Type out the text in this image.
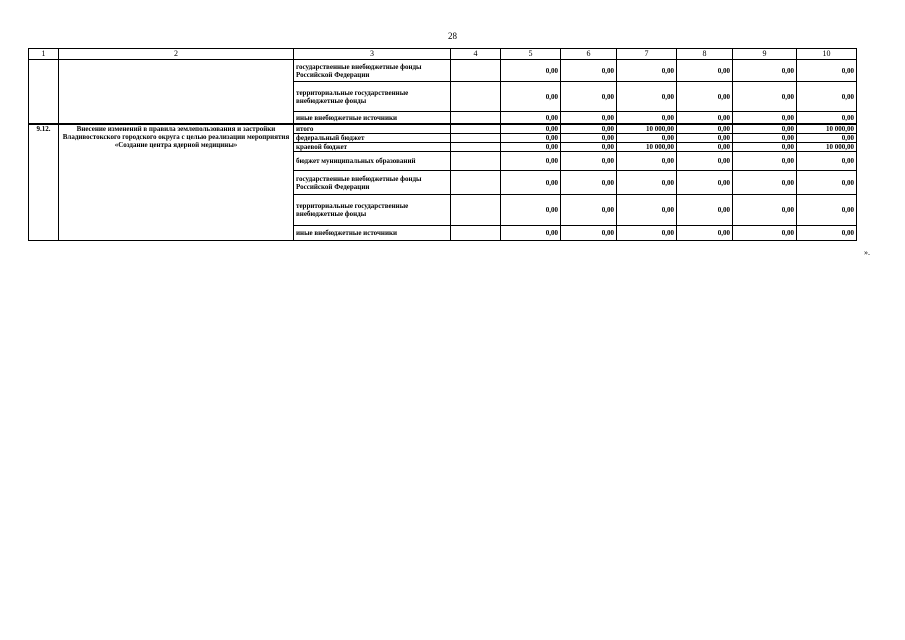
28
1	2	3	4	5	6	7	8	9	10
		государственные внебюджетные фонды Российской Федерации		0,00	0,00	0,00	0,00	0,00	0,00
		территориальные государственные внебюджетные фонды		0,00	0,00	0,00	0,00	0,00	0,00
		иные внебюджетные источники		0,00	0,00	0,00	0,00	0,00	0,00
9.12.	Внесение изменений в правила землепользования и застройки Владивостокского городского округа с целью реализации мероприятия «Создание центра ядерной медицины»	итого		0,00	0,00	10 000,00	0,00	0,00	10 000,00
		федеральный бюджет		0,00	0,00	0,00	0,00	0,00	0,00
		краевой бюджет		0,00	0,00	10 000,00	0,00	0,00	10 000,00
		бюджет муниципальных образований		0,00	0,00	0,00	0,00	0,00	0,00
		государственные внебюджетные фонды Российской Федерации		0,00	0,00	0,00	0,00	0,00	0,00
		территориальные государственные внебюджетные фонды		0,00	0,00	0,00	0,00	0,00	0,00
		иные внебюджетные источники		0,00	0,00	0,00	0,00	0,00	0,00
».
